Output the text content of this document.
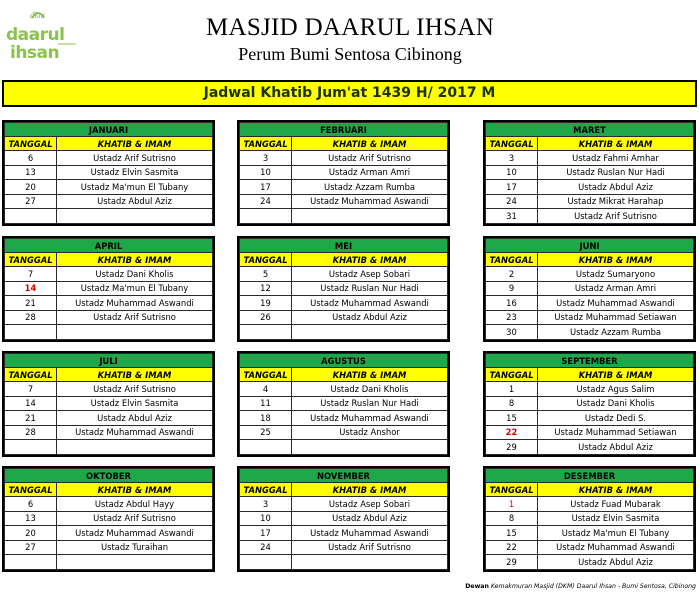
dkm
daarul
ihsan
MASJID DAARUL IHSAN
Perum Bumi Sentosa Cibinong
Jadwal Khatib Jum'at 1439 H/ 2017 M
JANUARI	
TANGGAL	KHATIB & IMAM
6	Ustadz Arif Sutrisno
13	Ustadz Elvin Sasmita
20	Ustadz Ma'mun El Tubany
27	Ustadz Abdul Aziz

FEBRUARI	
TANGGAL	KHATIB & IMAM
3	Ustadz Arif Sutrisno
10	Ustadz Arman Amri
17	Ustadz Azzam Rumba
24	Ustadz Muhammad Aswandi

MARET	
TANGGAL	KHATIB & IMAM
3	Ustadz Fahmi Amhar
10	Ustadz Ruslan Nur Hadi
17	Ustadz Abdul Aziz
24	Ustadz Mikrat Harahap
31	Ustadz Arif Sutrisno
APRIL	
TANGGAL	KHATIB & IMAM
7	Ustadz Dani Kholis
14	Ustadz Ma'mun El Tubany
21	Ustadz Muhammad Aswandi
28	Ustadz Arif Sutrisno

MEI	
TANGGAL	KHATIB & IMAM
5	Ustadz Asep Sobari
12	Ustadz Ruslan Nur Hadi
19	Ustadz Muhammad Aswandi
26	Ustadz Abdul Aziz

JUNI	
TANGGAL	KHATIB & IMAM
2	Ustadz Sumaryono
9	Ustadz Arman Amri
16	Ustadz Muhammad Aswandi
23	Ustadz Muhammad Setiawan
30	Ustadz Azzam Rumba
JULI	
TANGGAL	KHATIB & IMAM
7	Ustadz Arif Sutrisno
14	Ustadz Elvin Sasmita
21	Ustadz Abdul Aziz
28	Ustadz Muhammad Aswandi

AGUSTUS	
TANGGAL	KHATIB & IMAM
4	Ustadz Dani Kholis
11	Ustadz Ruslan Nur Hadi
18	Ustadz Muhammad Aswandi
25	Ustadz Anshor

SEPTEMBER	
TANGGAL	KHATIB & IMAM
1	Ustadz Agus Salim
8	Ustadz Dani Kholis
15	Ustadz Dedi S.
22	Ustadz Muhammad Setiawan
29	Ustadz Abdul Aziz
OKTOBER	
TANGGAL	KHATIB & IMAM
6	Ustadz Abdul Hayy
13	Ustadz Arif Sutrisno
20	Ustadz Muhammad Aswandi
27	Ustadz Turaihan

NOVEMBER	
TANGGAL	KHATIB & IMAM
3	Ustadz Asep Sobari
10	Ustadz Abdul Aziz
17	Ustadz Muhammad Aswandi
24	Ustadz Arif Sutrisno

DESEMBER	
TANGGAL	KHATIB & IMAM
1	Ustadz Fuad Mubarak
8	Ustadz Elvin Sasmita
15	Ustadz Ma'mun El Tubany
22	Ustadz Muhammad Aswandi
29	Ustadz Abdul Aziz
Dewan Kemakmuran Masjid (DKM) Daarul Ihsan - Bumi Sentosa, Cibinong
